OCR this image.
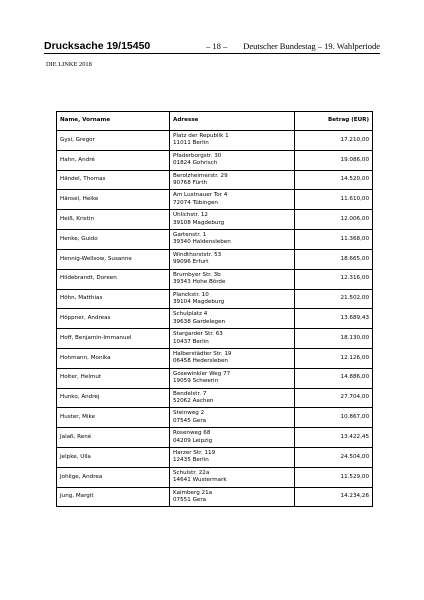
Drucksache 19/15450	– 18 – Deutscher Bundestag – 19. Wahlperiode
DIE LINKE 2018
Name, Vorname	Adresse	Betrag (EUR)
Gysi, Gregor	Platz der Republik 1
11011 Berlin	17.210,00
Hahn, André	Pfaderborgstr. 30
01824 Gohrisch	19.086,00
Händel, Thomas	Berolzheimerstr. 29
90768 Fürth	14.520,00
Hänsel, Heike	Am Lustnauer Tor 4
72074 Tübingen	11.610,00
Heiß, Kristin	Uhlichstr. 12
39108 Magdeburg	12.006,00
Henke, Guido	Gartenstr. 1
39340 Haldensleben	11.368,00
Hennig-Wellsow, Susanne	Windthorststr. 53
99096 Erfurt	18.665,00
Hildebrandt, Doreen	Brumbyer Str. 3b
39343 Hohe Börde	12.316,00
Höhn, Matthias	Planckstr. 10
39104 Magdeburg	21.502,00
Höppner, Andreas	Schulplatz 4
39638 Gardelegen	13.689,43
Hoff, Benjamin-Immanuel	Stargarder Str. 63
10437 Berlin	18.130,00
Hohmann, Monika	Halberstädter Str. 19
06458 Hedersleben	12.126,00
Holter, Helmut	Gosewinkler Weg 77
19059 Schwerin	14.886,00
Hunko, Andrej	Bendelstr. 7
52062 Aachen	27.704,00
Huster, Mike	Steinweg 2
07545 Gera	10.867,00
Jalaß, René	Rosenweg 68
04209 Leipzig	13.422,45
Jelpke, Ulla	Harzer Str. 119
12435 Berlin	24.504,00
Johlige, Andrea	Schulstr. 22a
14641 Wustermark	11.529,00
Jung, Margit	Kaimberg 21a
07551 Gera	14.234,26
